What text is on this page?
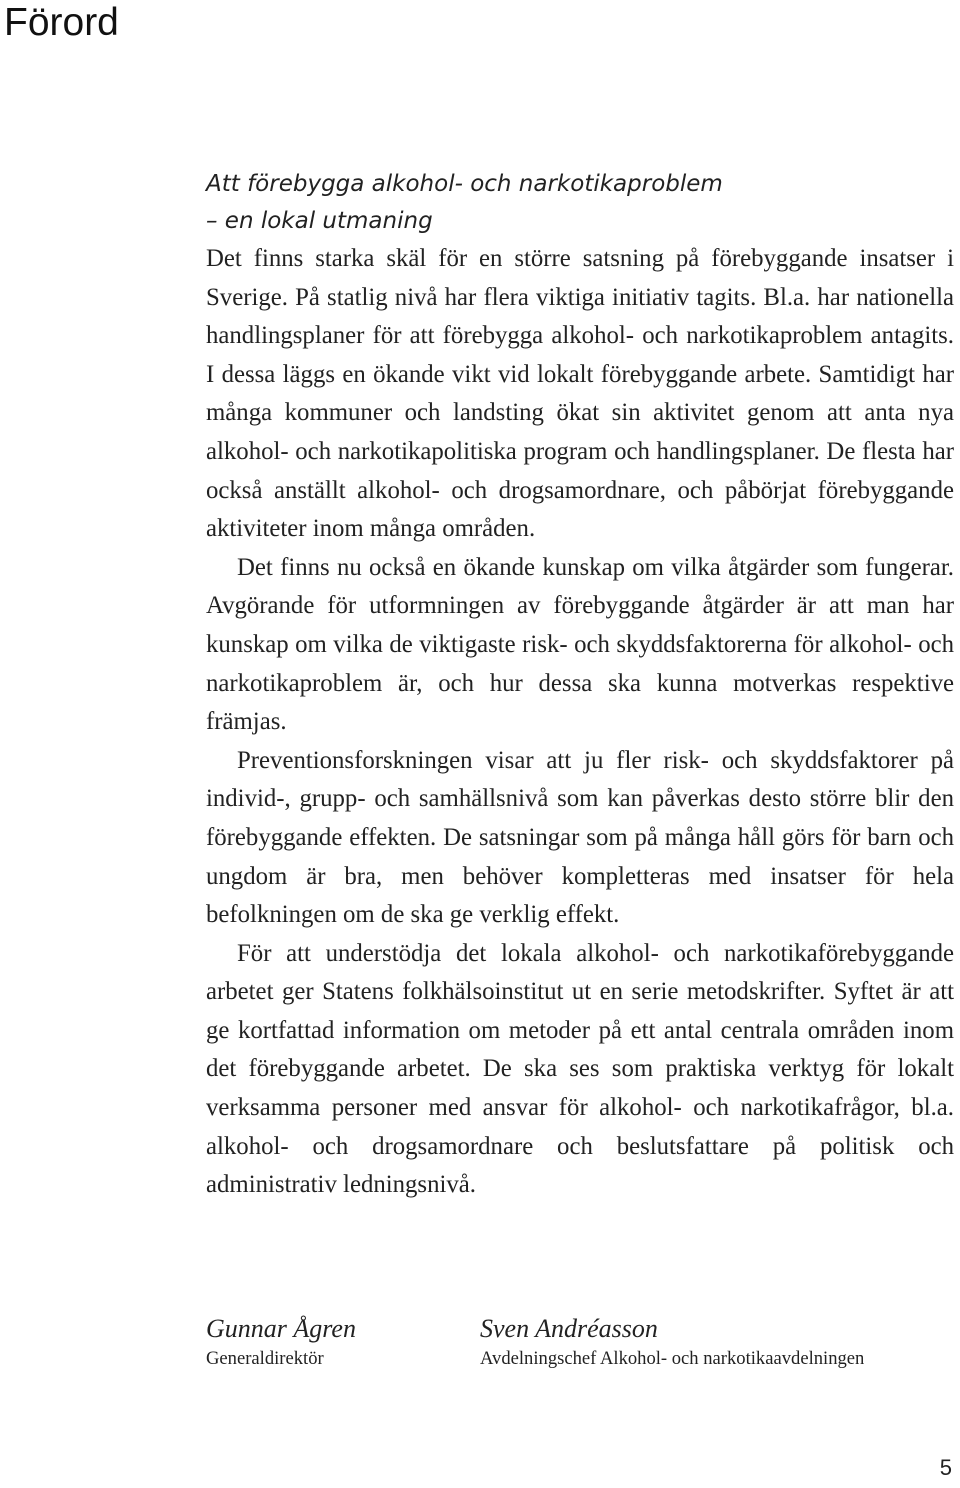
Förord
Att förebygga alkohol- och narkotikaproblem
– en lokal utmaning

Det finns starka skäl för en större satsning på förebyggande insatser i Sverige. På statlig nivå har flera viktiga initiativ tagits. Bl.a. har nationella handlingsplaner för att förebygga alkohol- och narkotikaproblem antagits. I dessa läggs en ökande vikt vid lokalt förebyggande arbete. Samtidigt har många kommuner och landsting ökat sin aktivitet genom att anta nya alkohol- och narkotikapolitiska program och handlingsplaner. De flesta har också anställt alkohol- och drogsamordnare, och påbörjat förebyggande aktiviteter inom många områden.

Det finns nu också en ökande kunskap om vilka åtgärder som fungerar. Avgörande för utformningen av förebyggande åtgärder är att man har kunskap om vilka de viktigaste risk- och skyddsfaktorerna för alkohol- och narkotikaproblem är, och hur dessa ska kunna motverkas respektive främjas.

Preventionsforskningen visar att ju fler risk- och skyddsfaktorer på individ-, grupp- och samhällsnivå som kan påverkas desto större blir den förebyggande effekten. De satsningar som på många håll görs för barn och ungdom är bra, men behöver kompletteras med insatser för hela befolkningen om de ska ge verklig effekt.

För att understödja det lokala alkohol- och narkotikaförebyggande arbetet ger Statens folkhälsoinstitut ut en serie metodskrifter. Syftet är att ge kortfattad information om metoder på ett antal centrala områden inom det förebyggande arbetet. De ska ses som praktiska verktyg för lokalt verksamma personer med ansvar för alkohol- och narkotikafrågor, bl.a. alkohol- och drogsamordnare och beslutsfattare på politisk och administrativ ledningsnivå.

Gunnar Ågren
Generaldirektör
Sven Andréasson
Avdelningschef Alkohol- och narkotikaavdelningen
5
